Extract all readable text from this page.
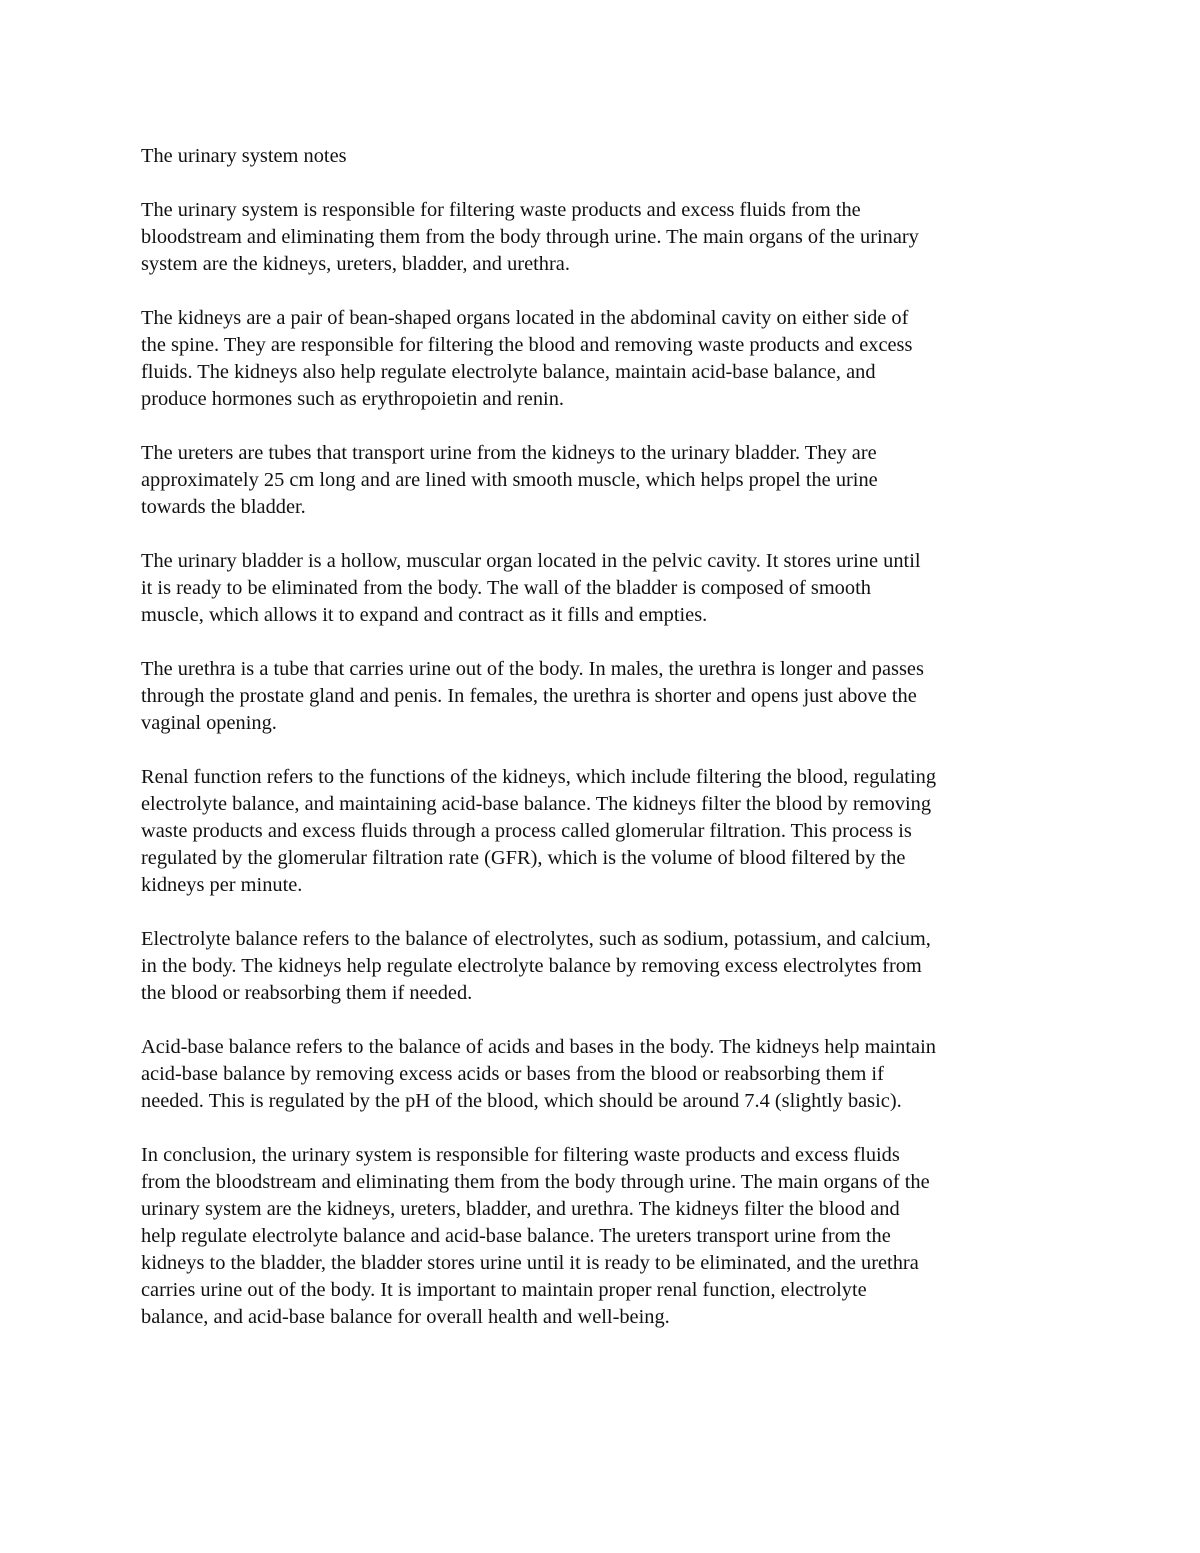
The urinary system notes
The urinary system is responsible for filtering waste products and excess fluids from the
bloodstream and eliminating them from the body through urine. The main organs of the urinary
system are the kidneys, ureters, bladder, and urethra.
The kidneys are a pair of bean-shaped organs located in the abdominal cavity on either side of
the spine. They are responsible for filtering the blood and removing waste products and excess
fluids. The kidneys also help regulate electrolyte balance, maintain acid-base balance, and
produce hormones such as erythropoietin and renin.
The ureters are tubes that transport urine from the kidneys to the urinary bladder. They are
approximately 25 cm long and are lined with smooth muscle, which helps propel the urine
towards the bladder.
The urinary bladder is a hollow, muscular organ located in the pelvic cavity. It stores urine until
it is ready to be eliminated from the body. The wall of the bladder is composed of smooth
muscle, which allows it to expand and contract as it fills and empties.
The urethra is a tube that carries urine out of the body. In males, the urethra is longer and passes
through the prostate gland and penis. In females, the urethra is shorter and opens just above the
vaginal opening.
Renal function refers to the functions of the kidneys, which include filtering the blood, regulating
electrolyte balance, and maintaining acid-base balance. The kidneys filter the blood by removing
waste products and excess fluids through a process called glomerular filtration. This process is
regulated by the glomerular filtration rate (GFR), which is the volume of blood filtered by the
kidneys per minute.
Electrolyte balance refers to the balance of electrolytes, such as sodium, potassium, and calcium,
in the body. The kidneys help regulate electrolyte balance by removing excess electrolytes from
the blood or reabsorbing them if needed.
Acid-base balance refers to the balance of acids and bases in the body. The kidneys help maintain
acid-base balance by removing excess acids or bases from the blood or reabsorbing them if
needed. This is regulated by the pH of the blood, which should be around 7.4 (slightly basic).
In conclusion, the urinary system is responsible for filtering waste products and excess fluids
from the bloodstream and eliminating them from the body through urine. The main organs of the
urinary system are the kidneys, ureters, bladder, and urethra. The kidneys filter the blood and
help regulate electrolyte balance and acid-base balance. The ureters transport urine from the
kidneys to the bladder, the bladder stores urine until it is ready to be eliminated, and the urethra
carries urine out of the body. It is important to maintain proper renal function, electrolyte
balance, and acid-base balance for overall health and well-being.
